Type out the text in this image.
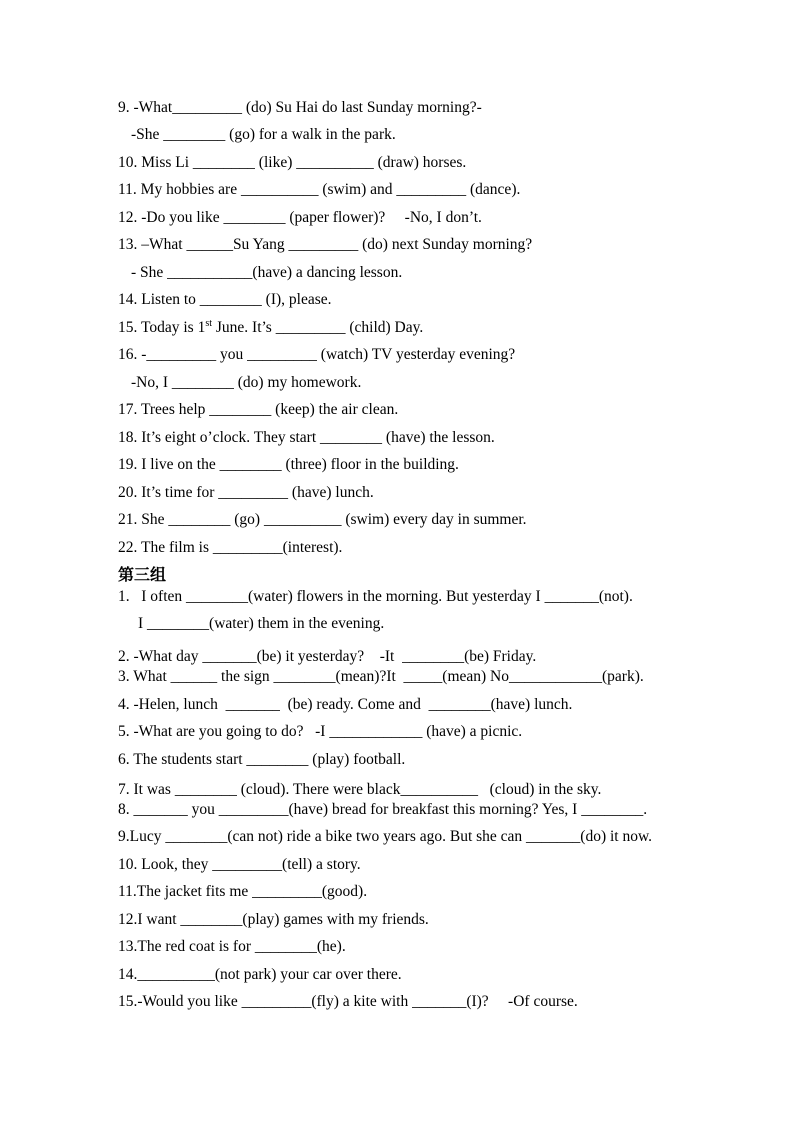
9. -What_________ (do) Su Hai do last Sunday morning?-

-She ________ (go) for a walk in the park.

10. Miss Li ________ (like) __________ (draw) horses.

11. My hobbies are __________ (swim) and _________ (dance).

12. -Do you like ________ (paper flower)?     -No, I don’t.

13. –What ______Su Yang _________ (do) next Sunday morning?

- She ___________(have) a dancing lesson.

14. Listen to ________ (I), please.

15. Today is 1st June. It’s _________ (child) Day.

16. -_________ you _________ (watch) TV yesterday evening?

-No, I ________ (do) my homework.

17. Trees help ________ (keep) the air clean.

18. It’s eight o’clock. They start ________ (have) the lesson.

19. I live on the ________ (three) floor in the building.

20. It’s time for _________ (have) lunch.

21. She ________ (go) __________ (swim) every day in summer.

22. The film is _________(interest).

第三组

1.   I often ________(water) flowers in the morning. But yesterday I _______(not).

I ________(water) them in the evening.

2. -What day _______(be) it yesterday?    -It  ________(be) Friday.

3. What ______ the sign ________(mean)?It  _____(mean) No____________(park).

4. -Helen, lunch  _______  (be) ready. Come and  ________(have) lunch.

5. -What are you going to do?   -I ____________ (have) a picnic.

6. The students start ________ (play) football.

7. It was ________ (cloud). There were black__________   (cloud) in the sky.

8. _______ you _________(have) bread for breakfast this morning? Yes, I ________.

9.Lucy ________(can not) ride a bike two years ago. But she can _______(do) it now.

10. Look, they _________(tell) a story.

11.The jacket fits me _________(good).

12.I want ________(play) games with my friends.

13.The red coat is for ________(he).

14.__________(not park) your car over there.

15.-Would you like _________(fly) a kite with _______(I)?     -Of course.
